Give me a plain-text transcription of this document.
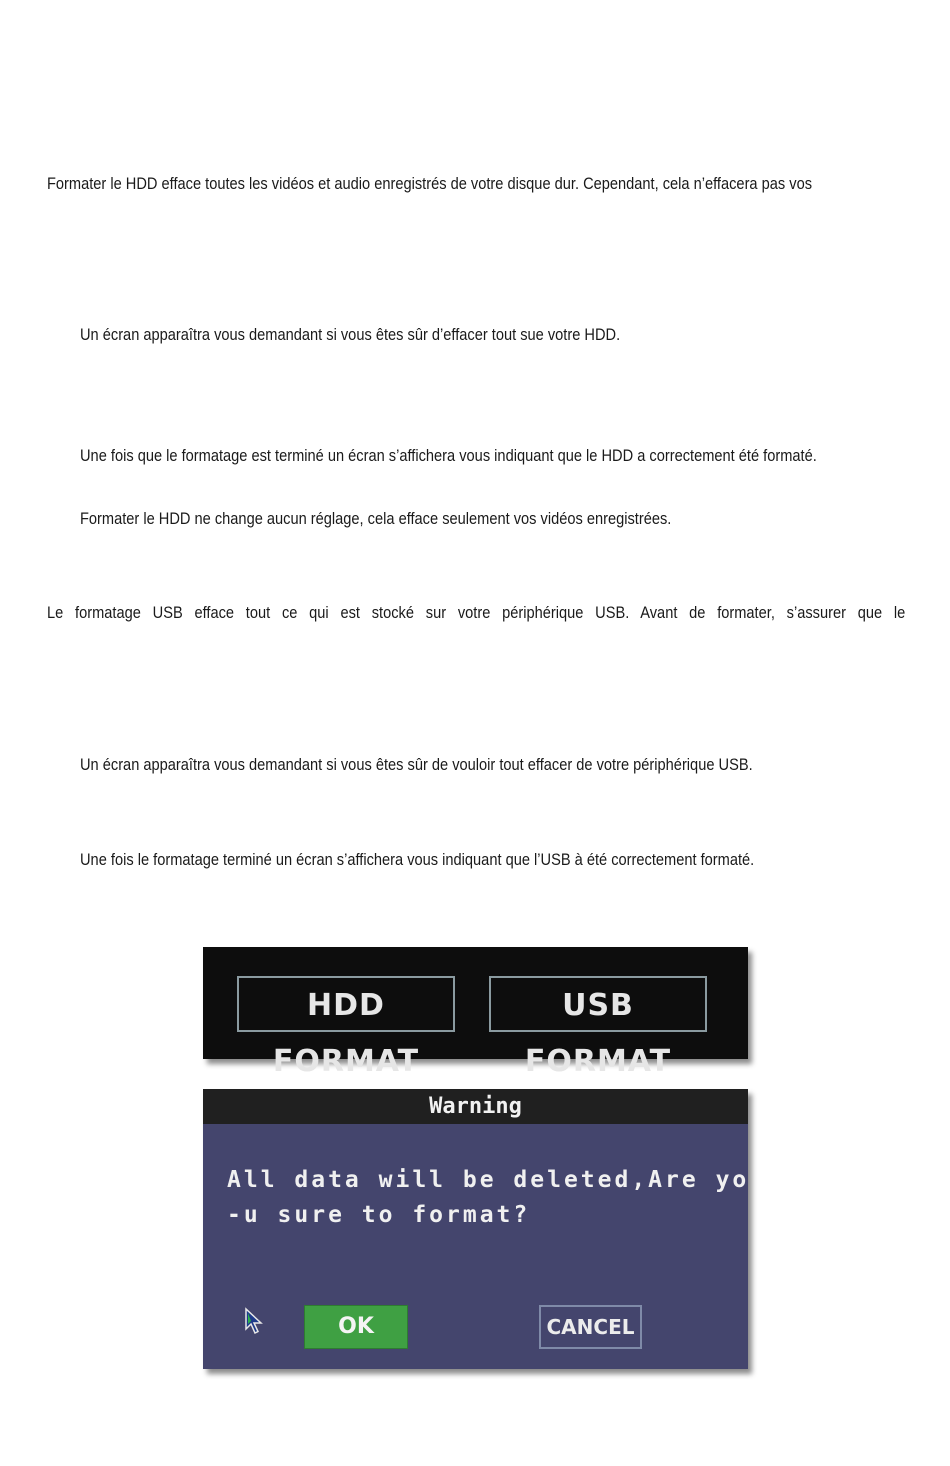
Formater le HDD efface toutes les vidéos et audio enregistrés de votre disque dur. Cependant, cela n’effacera pas vos

Un écran apparaîtra vous demandant si vous êtes sûr d’effacer tout sue votre HDD.

Une fois que le formatage est terminé un écran s’affichera vous indiquant que le HDD a correctement été formaté.

Formater le HDD ne change aucun réglage, cela efface seulement vos vidéos enregistrées.

Le formatage USB efface tout ce qui est stocké sur votre périphérique USB. Avant de formater, s’assurer que le

Un écran apparaîtra vous demandant si vous êtes sûr de vouloir tout effacer de votre périphérique USB.

Une fois le formatage terminé un écran s’affichera vous indiquant que l’USB à été correctement formaté.

HDD FORMAT
USB FORMAT
Warning
All data will be deleted,Are yo
-u sure to format?
OK	CANCEL
